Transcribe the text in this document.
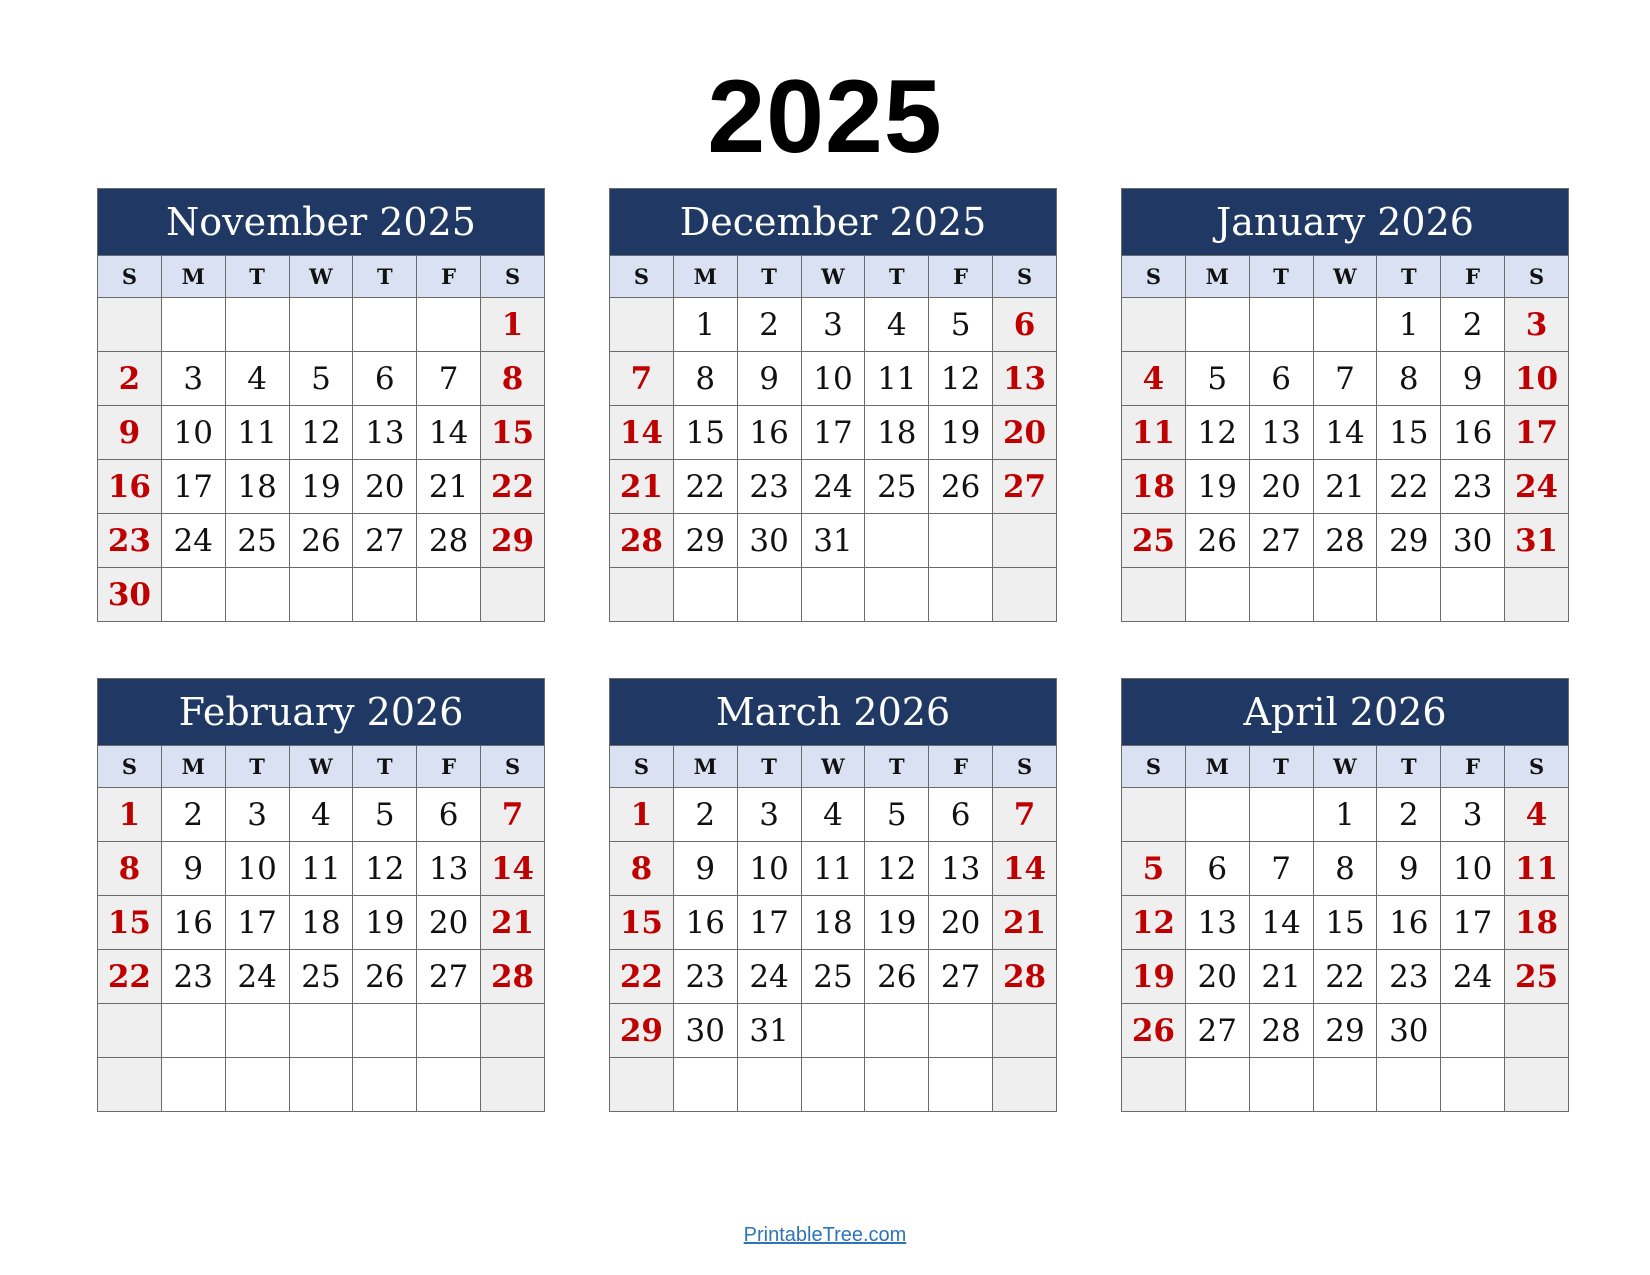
2025
November 2025
S	M	T	W	T	F	S
						1
2	3	4	5	6	7	8
9	10	11	12	13	14	15
16	17	18	19	20	21	22
23	24	25	26	27	28	29
30						
December 2025
S	M	T	W	T	F	S
	1	2	3	4	5	6
7	8	9	10	11	12	13
14	15	16	17	18	19	20
21	22	23	24	25	26	27
28	29	30	31			

January 2026
S	M	T	W	T	F	S
				1	2	3
4	5	6	7	8	9	10
11	12	13	14	15	16	17
18	19	20	21	22	23	24
25	26	27	28	29	30	31

February 2026
S	M	T	W	T	F	S
1	2	3	4	5	6	7
8	9	10	11	12	13	14
15	16	17	18	19	20	21
22	23	24	25	26	27	28

March 2026
S	M	T	W	T	F	S
1	2	3	4	5	6	7
8	9	10	11	12	13	14
15	16	17	18	19	20	21
22	23	24	25	26	27	28
29	30	31				

April 2026
S	M	T	W	T	F	S
			1	2	3	4
5	6	7	8	9	10	11
12	13	14	15	16	17	18
19	20	21	22	23	24	25
26	27	28	29	30		

PrintableTree.com
